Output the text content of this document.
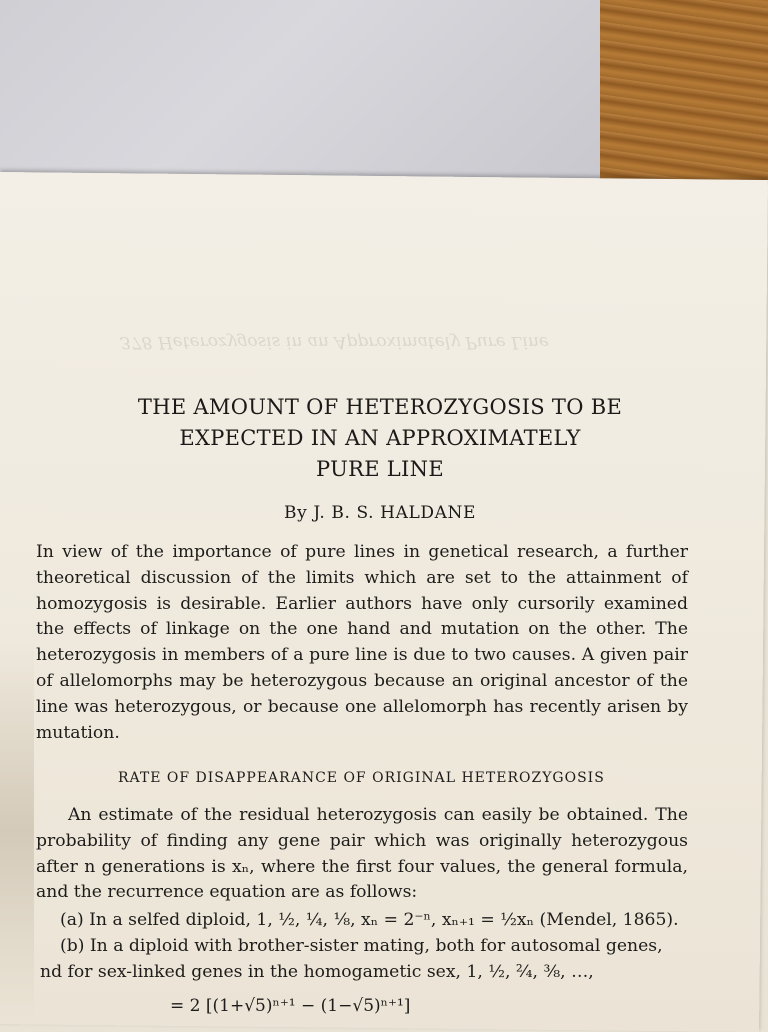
378 Heterozygosis in an Approximately Pure Line
THE AMOUNT OF HETEROZYGOSIS TO BE
EXPECTED IN AN APPROXIMATELY
PURE LINE
By J. B. S. HALDANE
In view of the importance of pure lines in genetical research, a further theoretical discussion of the limits which are set to the attainment of homozygosis is desirable. Earlier authors have only cursorily examined the effects of linkage on the one hand and mutation on the other. The heterozygosis in members of a pure line is due to two causes. A given pair of allelomorphs may be heterozygous because an original ancestor of the line was heterozygous, or because one allelomorph has recently arisen by mutation.
RATE OF DISAPPEARANCE OF ORIGINAL HETEROZYGOSIS
An estimate of the residual heterozygosis can easily be obtained. The probability of finding any gene pair which was originally heterozygous after n generations is xₙ, where the first four values, the general formula, and the recurrence equation are as follows:
(a) In a selfed diploid, 1, ½, ¼, ⅛, xₙ = 2⁻ⁿ, xₙ₊₁ = ½xₙ (Mendel, 1865).
(b) In a diploid with brother-sister mating, both for autosomal genes,
nd for sex-linked genes in the homogametic sex, 1, ½, ²⁄₄, ⅜, …,
= 2 [(1+√5)ⁿ⁺¹ − (1−√5)ⁿ⁺¹]
